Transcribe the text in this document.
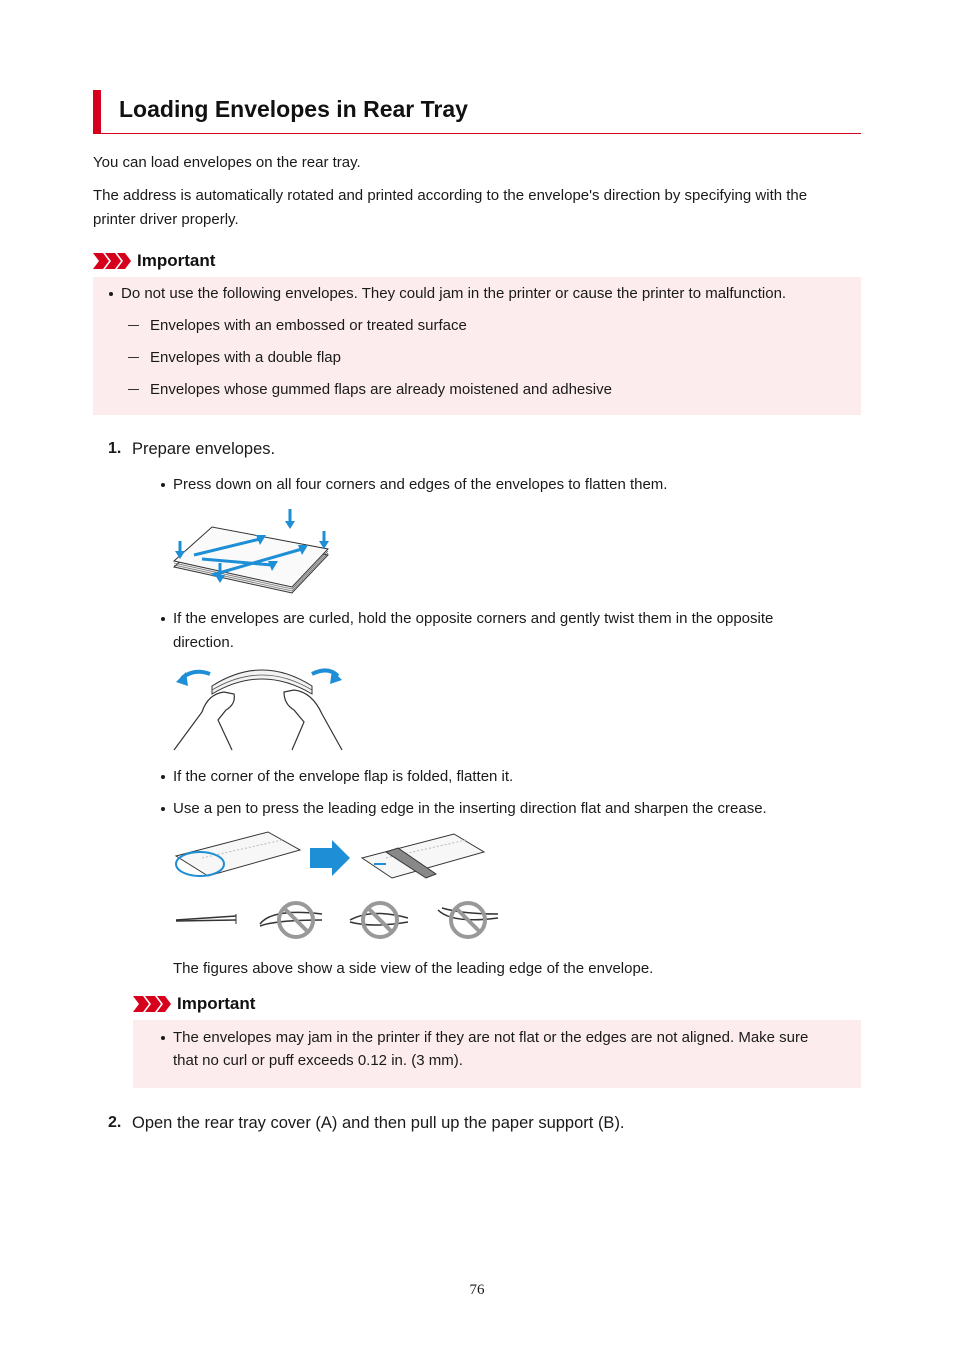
Loading Envelopes in Rear Tray
You can load envelopes on the rear tray.
The address is automatically rotated and printed according to the envelope's direction by specifying with the
printer driver properly.
Important
Do not use the following envelopes. They could jam in the printer or cause the printer to malfunction.
Envelopes with an embossed or treated surface
Envelopes with a double flap
Envelopes whose gummed flaps are already moistened and adhesive
1. Prepare envelopes.
Press down on all four corners and edges of the envelopes to flatten them.
If the envelopes are curled, hold the opposite corners and gently twist them in the opposite
direction.
If the corner of the envelope flap is folded, flatten it.
Use a pen to press the leading edge in the inserting direction flat and sharpen the crease.
The figures above show a side view of the leading edge of the envelope.
Important
The envelopes may jam in the printer if they are not flat or the edges are not aligned. Make sure
that no curl or puff exceeds 0.12 in. (3 mm).
2. Open the rear tray cover (A) and then pull up the paper support (B).
76
